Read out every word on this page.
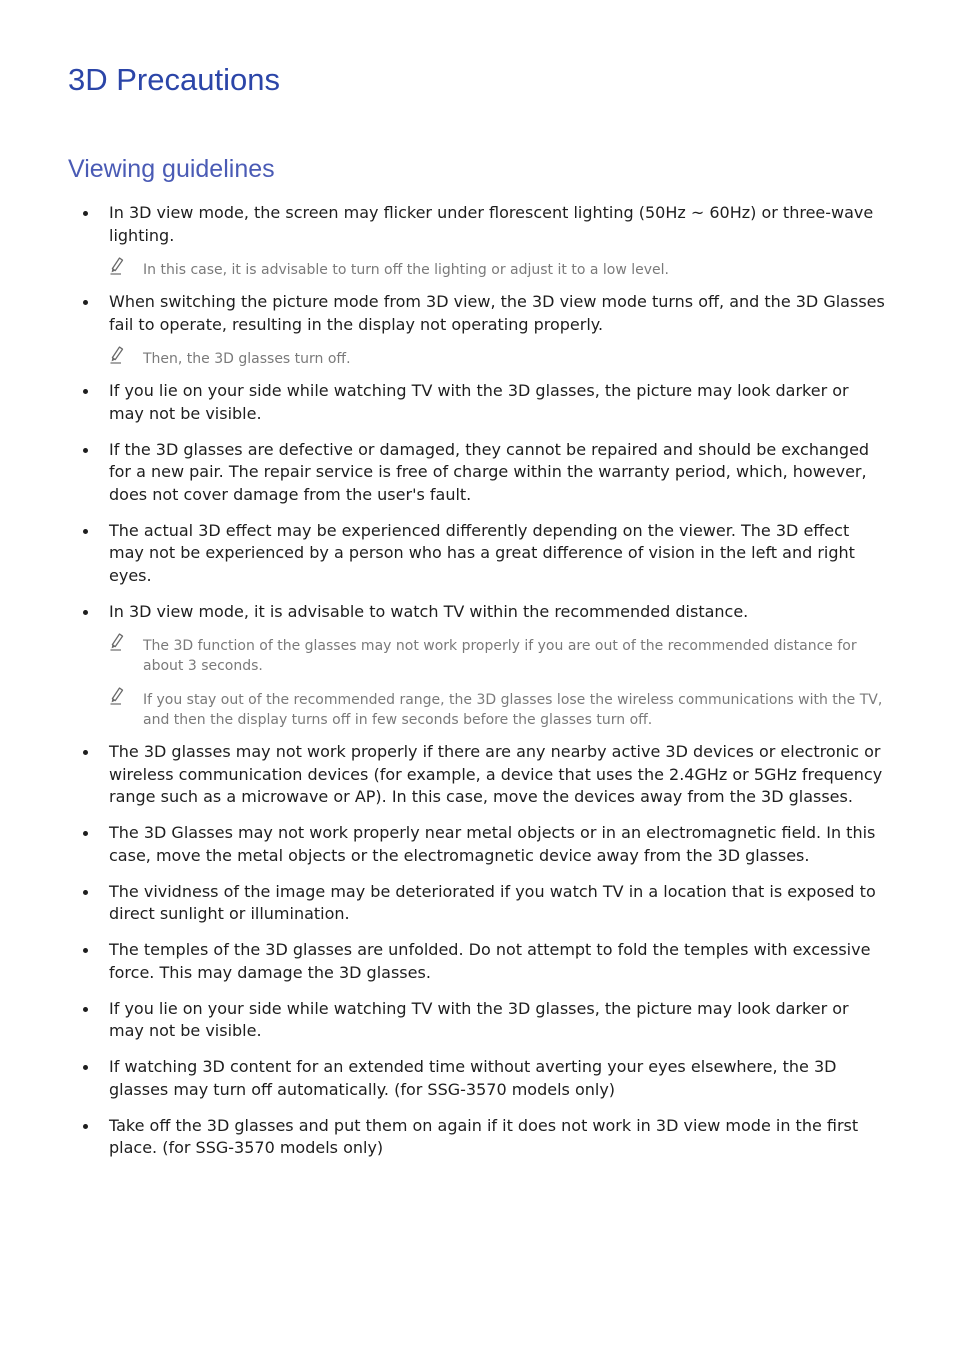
3D Precautions
Viewing guidelines
In 3D view mode, the screen may flicker under florescent lighting (50Hz ~ 60Hz) or three-wave lighting.
In this case, it is advisable to turn off the lighting or adjust it to a low level.
When switching the picture mode from 3D view, the 3D view mode turns off, and the 3D Glasses fail to operate, resulting in the display not operating properly.
Then, the 3D glasses turn off.
If you lie on your side while watching TV with the 3D glasses, the picture may look darker or may not be visible.
If the 3D glasses are defective or damaged, they cannot be repaired and should be exchanged for a new pair. The repair service is free of charge within the warranty period, which, however, does not cover damage from the user's fault.
The actual 3D effect may be experienced differently depending on the viewer. The 3D effect may not be experienced by a person who has a great difference of vision in the left and right eyes.
In 3D view mode, it is advisable to watch TV within the recommended distance.
The 3D function of the glasses may not work properly if you are out of the recommended distance for about 3 seconds.
If you stay out of the recommended range, the 3D glasses lose the wireless communications with the TV, and then the display turns off in few seconds before the glasses turn off.
The 3D glasses may not work properly if there are any nearby active 3D devices or electronic or wireless communication devices (for example, a device that uses the 2.4GHz or 5GHz frequency range such as a microwave or AP). In this case, move the devices away from the 3D glasses.
The 3D Glasses may not work properly near metal objects or in an electromagnetic field. In this case, move the metal objects or the electromagnetic device away from the 3D glasses.
The vividness of the image may be deteriorated if you watch TV in a location that is exposed to direct sunlight or illumination.
The temples of the 3D glasses are unfolded. Do not attempt to fold the temples with excessive force. This may damage the 3D glasses.
If you lie on your side while watching TV with the 3D glasses, the picture may look darker or may not be visible.
If watching 3D content for an extended time without averting your eyes elsewhere, the 3D glasses may turn off automatically. (for SSG-3570 models only)
Take off the 3D glasses and put them on again if it does not work in 3D view mode in the first place. (for SSG-3570 models only)
